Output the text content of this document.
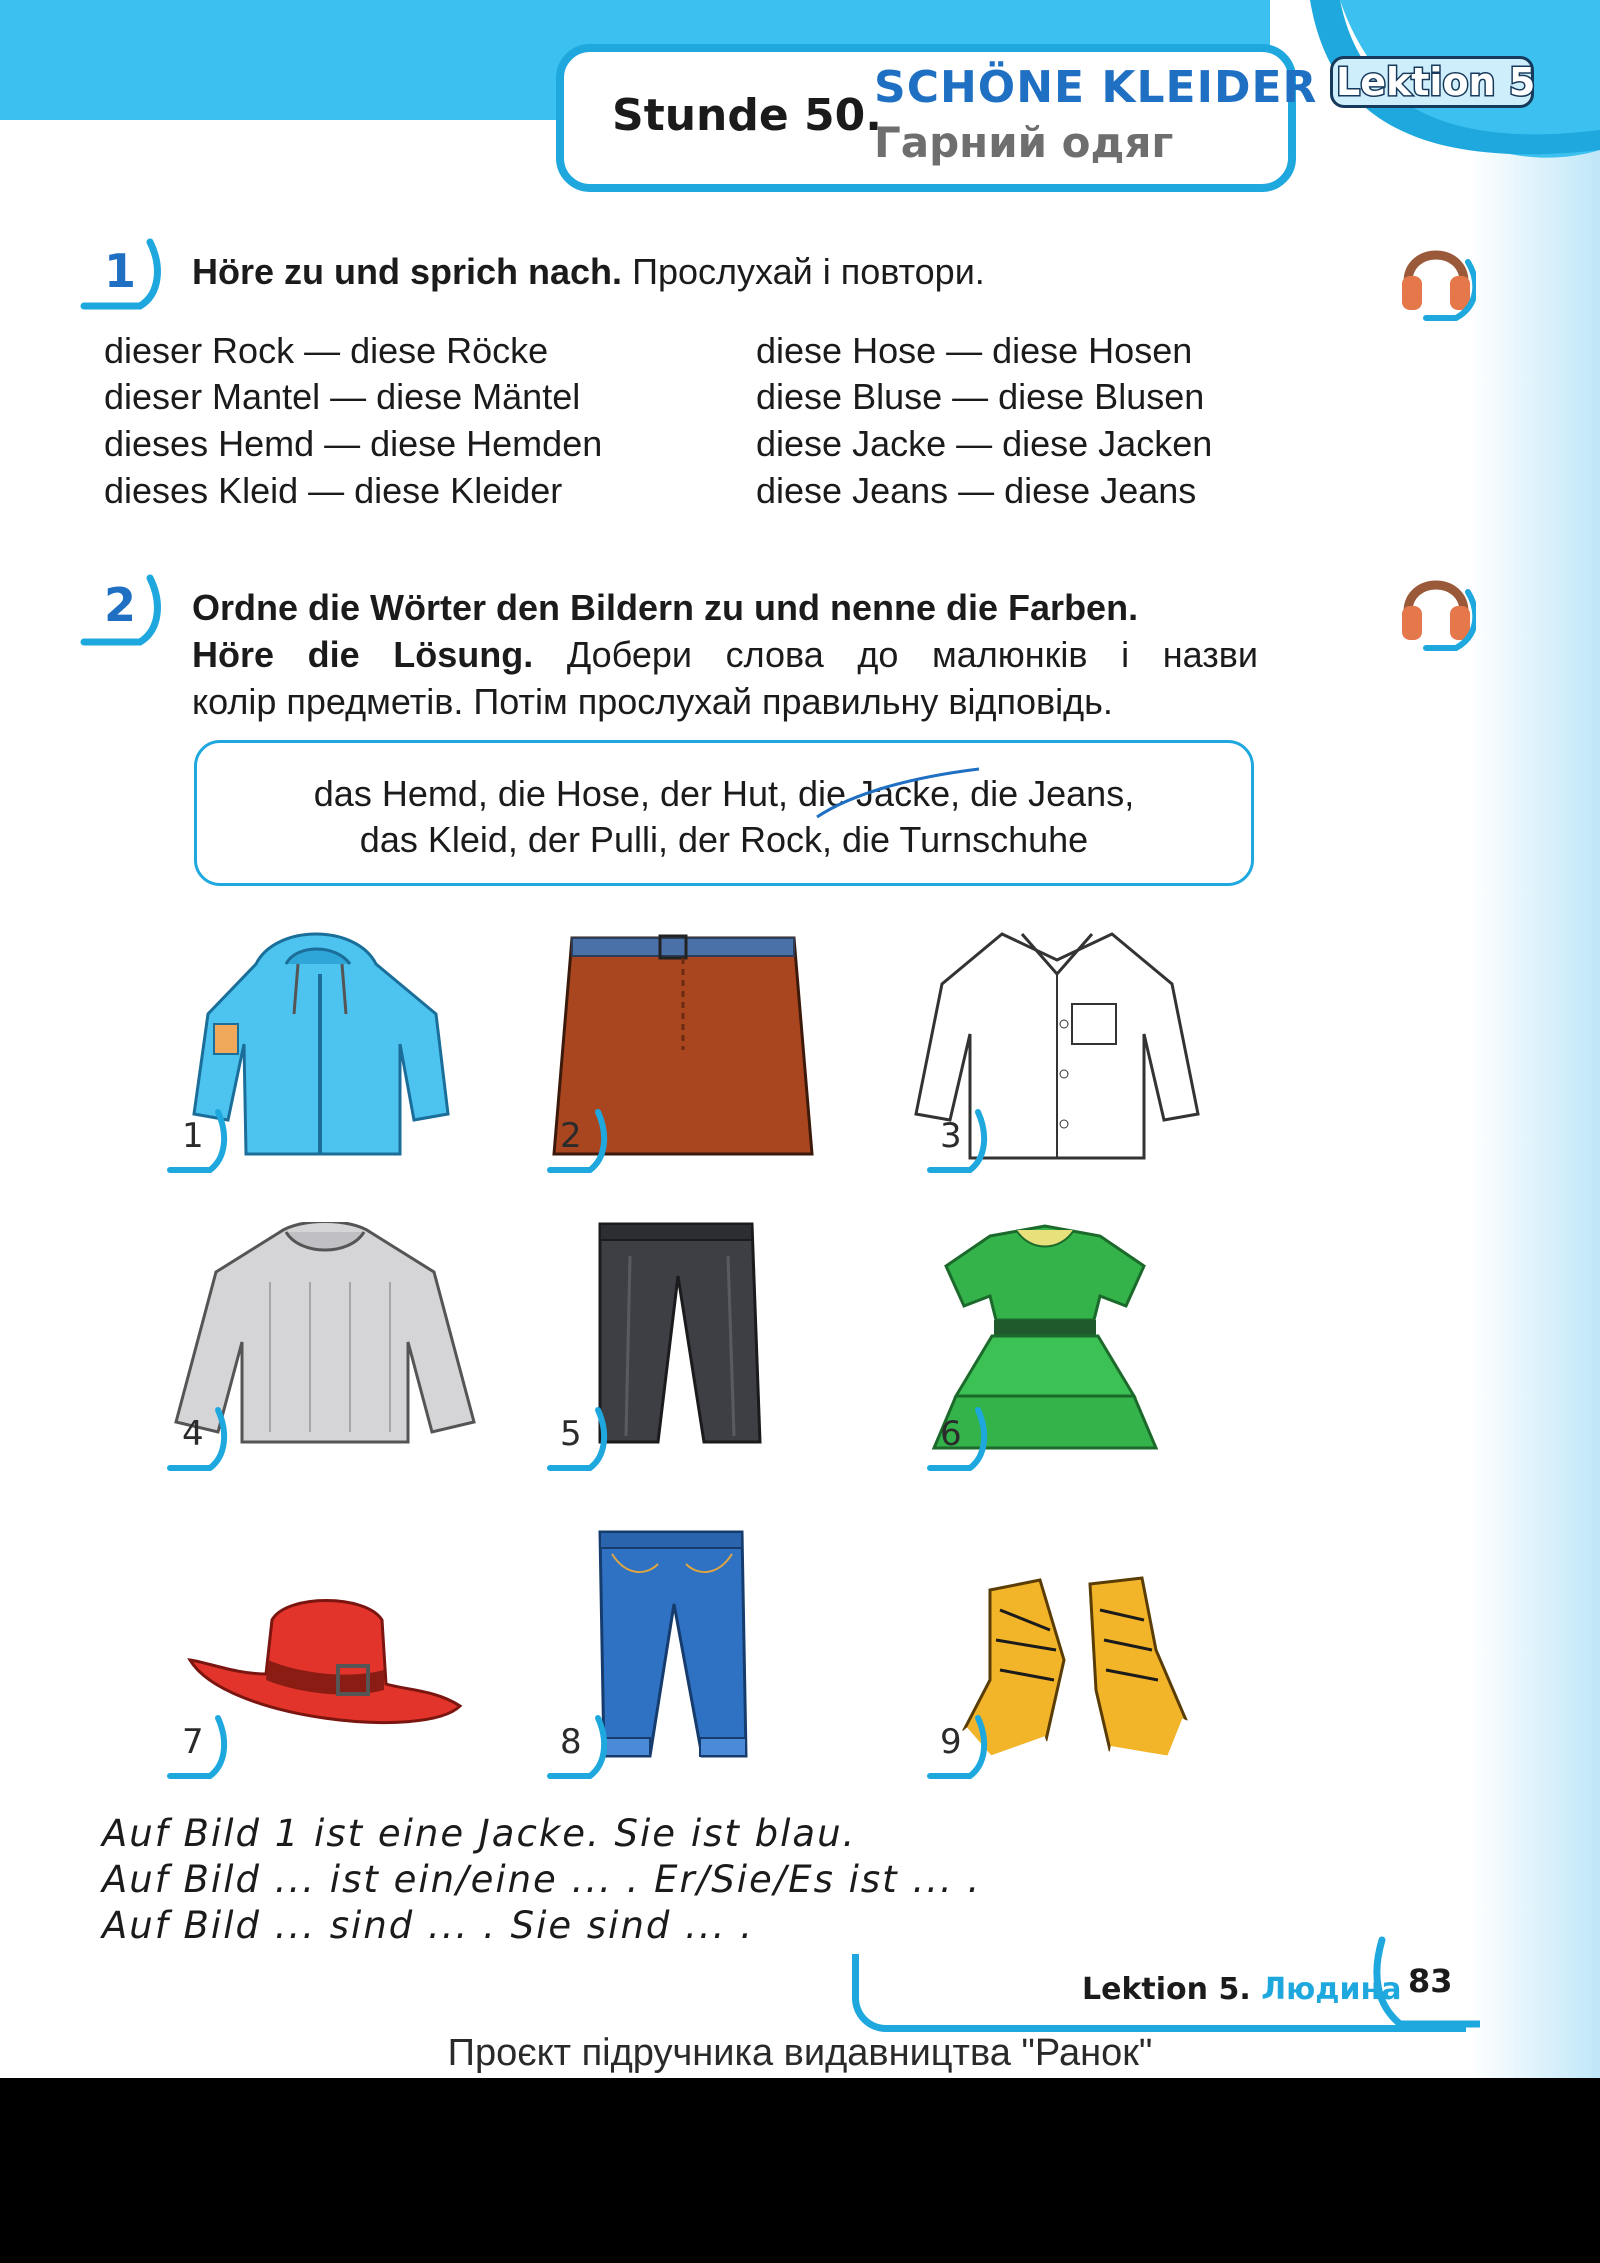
Stunde 50.
SCHÖNE KLEIDER
Гарний одяг
Lektion 5
1 Höre zu und sprich nach. Прослухай і повтори.
dieser Rock — diese Röcke
dieser Mantel — diese Mäntel
dieses Hemd — diese Hemden
dieses Kleid — diese Kleider
diese Hose — diese Hosen
diese Bluse — diese Blusen
diese Jacke — diese Jacken
diese Jeans — diese Jeans
2 Ordne die Wörter den Bildern zu und nenne die Farben.
Höre die Lösung. Добери слова до малюнків і назви
колір предметів. Потім прослухай правильну відповідь.
das Hemd, die Hose, der Hut, die Jacke, die Jeans,
das Kleid, der Pulli, der Rock, die Turnschuhe
1	2	3
4	5	6
7	8	9
Auf Bild 1 ist eine Jacke. Sie ist blau.
Auf Bild ... ist ein/eine ... . Er/Sie/Es ist ... .
Auf Bild ... sind ... . Sie sind ... .
Lektion 5. Людина 83
Проєкт підручника видавництва "Ранок"
